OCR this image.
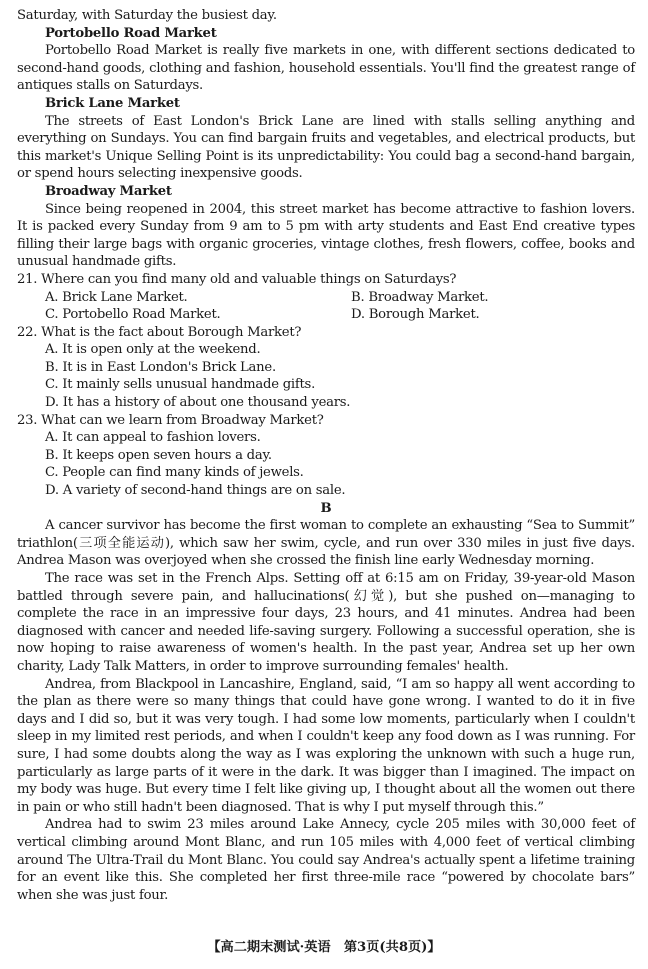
Saturday, with Saturday the busiest day.

Portobello Road Market

Portobello Road Market is really five markets in one, with different sections dedicated to second-hand goods, clothing and fashion, household essentials. You'll find the greatest range of antiques stalls on Saturdays.

Brick Lane Market

The streets of East London's Brick Lane are lined with stalls selling anything and everything on Sundays. You can find bargain fruits and vegetables, and electrical products, but this market's Unique Selling Point is its unpredictability: You could bag a second-hand bargain, or spend hours selecting inexpensive goods.

Broadway Market

Since being reopened in 2004, this street market has become attractive to fashion lovers. It is packed every Sunday from 9 am to 5 pm with arty students and East End creative types filling their large bags with organic groceries, vintage clothes, fresh flowers, coffee, books and unusual handmade gifts.

21. Where can you find many old and valuable things on Saturdays?

A. Brick Lane Market.	B. Broadway Market.
C. Portobello Road Market.	D. Borough Market.

22. What is the fact about Borough Market?

A. It is open only at the weekend.
B. It is in East London's Brick Lane.
C. It mainly sells unusual handmade gifts.
D. It has a history of about one thousand years.

23. What can we learn from Broadway Market?

A. It can appeal to fashion lovers.
B. It keeps open seven hours a day.
C. People can find many kinds of jewels.
D. A variety of second-hand things are on sale.

B

A cancer survivor has become the first woman to complete an exhausting “Sea to Summit” triathlon(三项全能运动), which saw her swim, cycle, and run over 330 miles in just five days. Andrea Mason was overjoyed when she crossed the finish line early Wednesday morning.

The race was set in the French Alps. Setting off at 6:15 am on Friday, 39-year-old Mason battled through severe pain, and hallucinations(幻觉), but she pushed on—managing to complete the race in an impressive four days, 23 hours, and 41 minutes. Andrea had been diagnosed with cancer and needed life-saving surgery. Following a successful operation, she is now hoping to raise awareness of women's health. In the past year, Andrea set up her own charity, Lady Talk Matters, in order to improve surrounding females' health.

Andrea, from Blackpool in Lancashire, England, said, “I am so happy all went according to the plan as there were so many things that could have gone wrong. I wanted to do it in five days and I did so, but it was very tough. I had some low moments, particularly when I couldn't sleep in my limited rest periods, and when I couldn't keep any food down as I was running. For sure, I had some doubts along the way as I was exploring the unknown with such a huge run, particularly as large parts of it were in the dark. It was bigger than I imagined. The impact on my body was huge. But every time I felt like giving up, I thought about all the women out there in pain or who still hadn't been diagnosed. That is why I put myself through this.”

Andrea had to swim 23 miles around Lake Annecy, cycle 205 miles with 30,000 feet of vertical climbing around Mont Blanc, and run 105 miles with 4,000 feet of vertical climbing around The Ultra-Trail du Mont Blanc. You could say Andrea's actually spent a lifetime training for an event like this. She completed her first three-mile race “powered by chocolate bars” when she was just four.

【高二期末测试·英语　第3页(共8页)】
